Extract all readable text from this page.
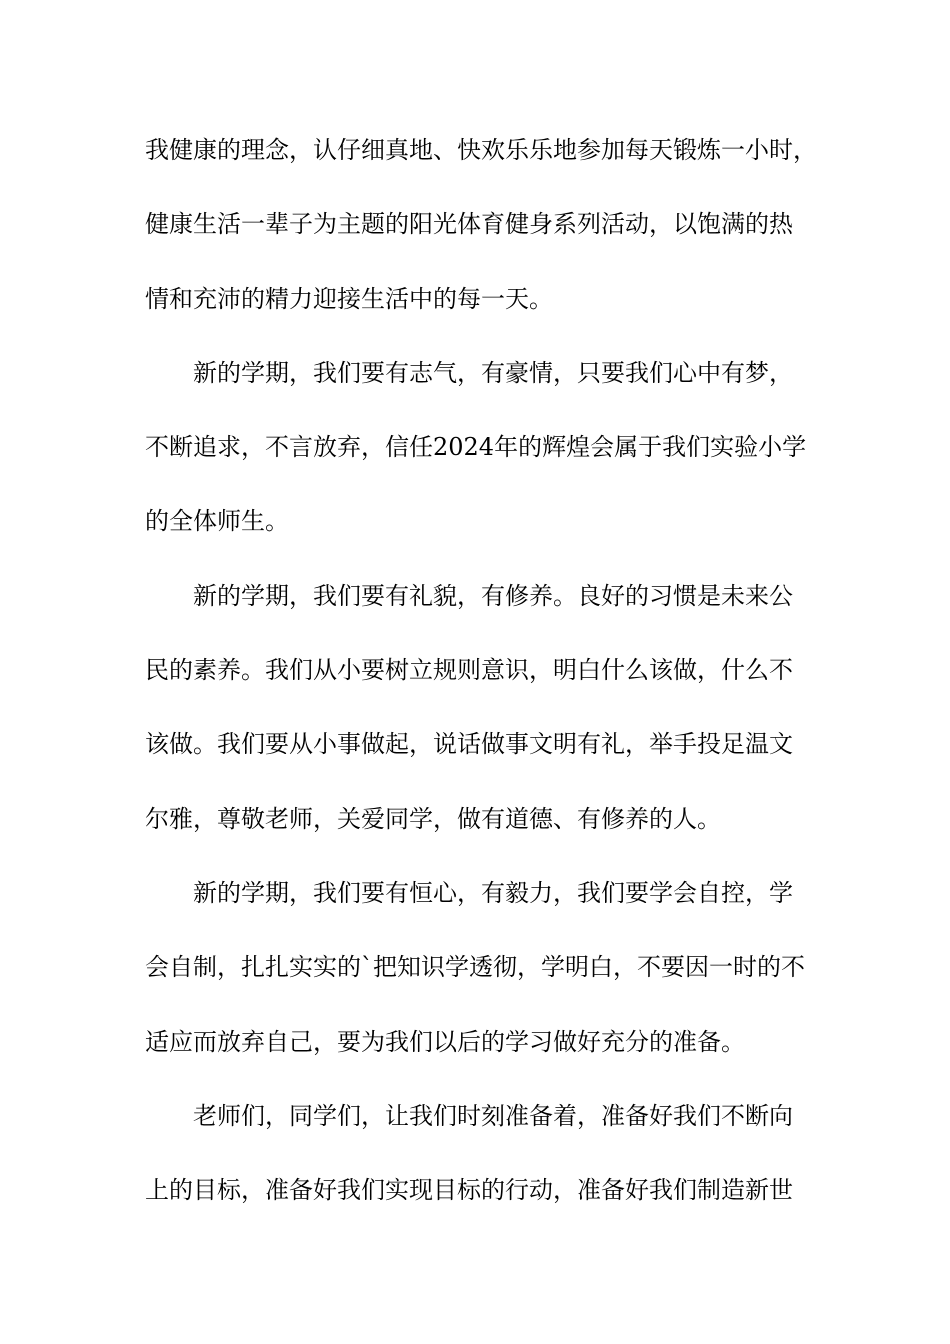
我健康的理念，认仔细真地、快欢乐乐地参加每天锻炼一小时，
健康生活一辈子为主题的阳光体育健身系列活动，以饱满的热
情和充沛的精力迎接生活中的每一天。
新的学期，我们要有志气，有豪情，只要我们心中有梦，
不断追求，不言放弃，信任2024年的辉煌会属于我们实验小学
的全体师生。
新的学期，我们要有礼貌，有修养。良好的习惯是未来公
民的素养。我们从小要树立规则意识，明白什么该做，什么不
该做。我们要从小事做起，说话做事文明有礼，举手投足温文
尔雅，尊敬老师，关爱同学，做有道德、有修养的人。
新的学期，我们要有恒心，有毅力，我们要学会自控，学
会自制，扎扎实实的`把知识学透彻，学明白，不要因一时的不
适应而放弃自己，要为我们以后的学习做好充分的准备。
老师们，同学们，让我们时刻准备着，准备好我们不断向
上的目标，准备好我们实现目标的行动，准备好我们制造新世
